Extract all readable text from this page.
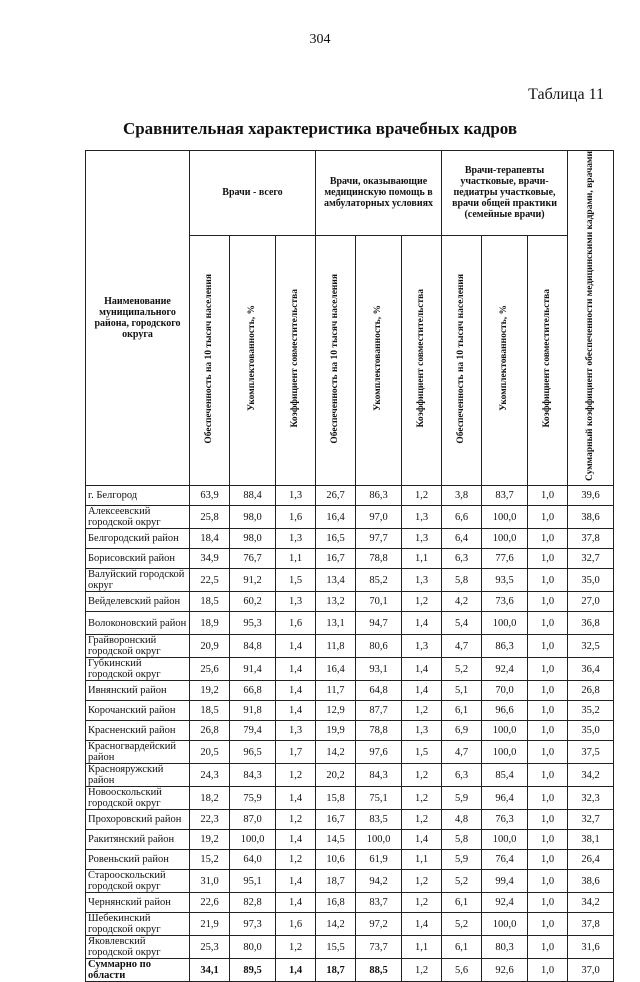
304
Таблица 11
Сравнительная характеристика врачебных кадров
Наименование муниципального района, городского округа	Врачи - всего			Врачи, оказывающие медицинскую помощь в амбулаторных условиях			Врачи-терапевты участковые, врачи-педиатры участковые, врачи общей практики (семейные врачи)			Суммарный коэффициент обеспеченности медицинскими кадрами, врачами
	Обеспеченность на 10 тысяч населения	Укомплектованность, %	Коэффициент совместительства	Обеспеченность на 10 тысяч населения	Укомплектованность, %	Коэффициент совместительства	Обеспеченность на 10 тысяч населения	Укомплектованность, %	Коэффициент совместительства	
г. Белгород	63,9	88,4	1,3	26,7	86,3	1,2	3,8	83,7	1,0	39,6
Алексеевский городской округ	25,8	98,0	1,6	16,4	97,0	1,3	6,6	100,0	1,0	38,6
Белгородский район	18,4	98,0	1,3	16,5	97,7	1,3	6,4	100,0	1,0	37,8
Борисовский район	34,9	76,7	1,1	16,7	78,8	1,1	6,3	77,6	1,0	32,7
Валуйский городской округ	22,5	91,2	1,5	13,4	85,2	1,3	5,8	93,5	1,0	35,0
Вейделевский район	18,5	60,2	1,3	13,2	70,1	1,2	4,2	73,6	1,0	27,0
Волоконовский район	18,9	95,3	1,6	13,1	94,7	1,4	5,4	100,0	1,0	36,8
Грайворонский городской округ	20,9	84,8	1,4	11,8	80,6	1,3	4,7	86,3	1,0	32,5
Губкинский городской округ	25,6	91,4	1,4	16,4	93,1	1,4	5,2	92,4	1,0	36,4
Ивнянский район	19,2	66,8	1,4	11,7	64,8	1,4	5,1	70,0	1,0	26,8
Корочанский район	18,5	91,8	1,4	12,9	87,7	1,2	6,1	96,6	1,0	35,2
Красненский район	26,8	79,4	1,3	19,9	78,8	1,3	6,9	100,0	1,0	35,0
Красногвардейский район	20,5	96,5	1,7	14,2	97,6	1,5	4,7	100,0	1,0	37,5
Краснояружский район	24,3	84,3	1,2	20,2	84,3	1,2	6,3	85,4	1,0	34,2
Новооскольский городской округ	18,2	75,9	1,4	15,8	75,1	1,2	5,9	96,4	1,0	32,3
Прохоровский район	22,3	87,0	1,2	16,7	83,5	1,2	4,8	76,3	1,0	32,7
Ракитянский район	19,2	100,0	1,4	14,5	100,0	1,4	5,8	100,0	1,0	38,1
Ровеньский район	15,2	64,0	1,2	10,6	61,9	1,1	5,9	76,4	1,0	26,4
Старооскольский городской округ	31,0	95,1	1,4	18,7	94,2	1,2	5,2	99,4	1,0	38,6
Чернянский район	22,6	82,8	1,4	16,8	83,7	1,2	6,1	92,4	1,0	34,2
Шебекинский городской округ	21,9	97,3	1,6	14,2	97,2	1,4	5,2	100,0	1,0	37,8
Яковлевский городской округ	25,3	80,0	1,2	15,5	73,7	1,1	6,1	80,3	1,0	31,6
Суммарно по области	34,1	89,5	1,4	18,7	88,5	1,2	5,6	92,6	1,0	37,0
